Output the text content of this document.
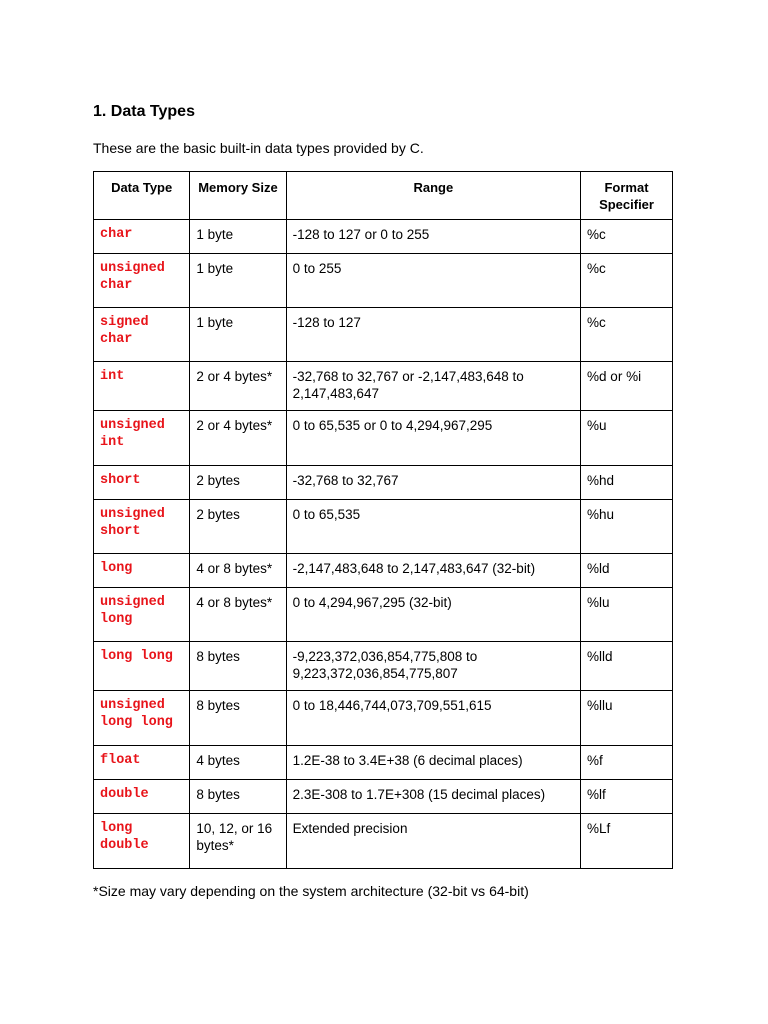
1. Data Types

These are the basic built-in data types provided by C.

Data Type	Memory Size	Range	Format Specifier
char	1 byte	-128 to 127 or 0 to 255	%c
unsigned char	1 byte	0 to 255	%c
signed char	1 byte	-128 to 127	%c
int	2 or 4 bytes*	-32,768 to 32,767 or -2,147,483,648 to 2,147,483,647	%d or %i
unsigned int	2 or 4 bytes*	0 to 65,535 or 0 to 4,294,967,295	%u
short	2 bytes	-32,768 to 32,767	%hd
unsigned short	2 bytes	0 to 65,535	%hu
long	4 or 8 bytes*	-2,147,483,648 to 2,147,483,647 (32-bit)	%ld
unsigned long	4 or 8 bytes*	0 to 4,294,967,295 (32-bit)	%lu
long long	8 bytes	-9,223,372,036,854,775,808 to 9,223,372,036,854,775,807	%lld
unsigned long long	8 bytes	0 to 18,446,744,073,709,551,615	%llu
float	4 bytes	1.2E-38 to 3.4E+38 (6 decimal places)	%f
double	8 bytes	2.3E-308 to 1.7E+308 (15 decimal places)	%lf
long double	10, 12, or 16 bytes*	Extended precision	%Lf

*Size may vary depending on the system architecture (32-bit vs 64-bit)
